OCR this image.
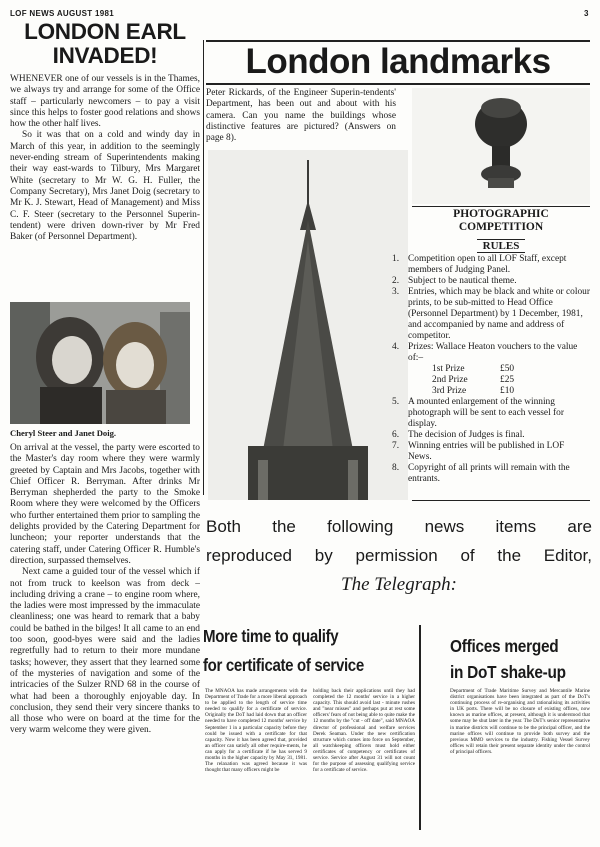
LOF NEWS AUGUST 1981	3
LONDON EARL
INVADED!

WHENEVER one of our vessels is in the Thames, we always try and arrange for some of the Office staff – particularly newcomers – to pay a visit since this helps to foster good relations and shows how the other half lives.

So it was that on a cold and windy day in March of this year, in addition to the seemingly never-ending stream of Superintendents making their way east-wards to Tilbury, Mrs Margaret White (secretary to Mr W. G. H. Fuller, the Company Secretary), Mrs Janet Doig (secretary to Mr K. J. Stewart, Head of Management) and Miss C. F. Steer (secretary to the Personnel Superin-tendent) were driven down-river by Mr Fred Baker (of Personnel Department).

Cheryl Steer and Janet Doig.

On arrival at the vessel, the party were escorted to the Master's day room where they were warmly greeted by Captain and Mrs Jacobs, together with Chief Officer R. Berryman. After drinks Mr Berryman shepherded the party to the Smoke Room where they were welcomed by the Officers who further entertained them prior to sampling the delights provided by the Catering Department for luncheon; your reporter understands that the catering staff, under Catering Officer R. Humble's direction, surpassed themselves.

Next came a guided tour of the vessel which if not from truck to keelson was from deck – including driving a crane – to engine room where, the ladies were most impressed by the immaculate cleanliness; one was heard to remark that a baby could be bathed in the bilges! It all came to an end too soon, good-byes were said and the ladies regretfully had to return to their more mundane tasks; however, they assert that they learned some of the mysteries of navigation and some of the intricacies of the Sulzer RND 68 in the course of what had been a thoroughly enjoyable day. In conclusion, they send their very sincere thanks to all those who were on board at the time for the very warm welcome they were given.

London landmarks
Peter Rickards, of the Engineer Superin-tendents' Department, has been out and about with his camera. Can you name the buildings whose distinctive features are pictured? (Answers on page 8).
PHOTOGRAPHIC
COMPETITION
RULES
1. Competition open to all LOF Staff, except members of Judging Panel.
2. Subject to be nautical theme.
3. Entries, which may be black and white or colour prints, to be sub-mitted to Head Office (Personnel Department) by 1 December, 1981, and accompanied by name and address of competitor.
4. Prizes: Wallace Heaton vouchers to the value of:–
1st Prize	£50
2nd Prize	£25
3rd Prize	£10
5. A mounted enlargement of the winning photograph will be sent to each vessel for display.
6. The decision of Judges is final.
7. Winning entries will be published in LOF News.
8. Copyright of all prints will remain with the entrants.
Both the following news items are
reproduced by permission of the Editor,
The Telegraph:
More time to qualify
for certificate of service
The MNAOA has made arrangements with the Department of Trade for a more liberal approach to be applied to the length of service time needed to qualify for a certificate of service. Originally the DoT had laid down that an officer needed to have completed 12 months' service by September 1 in a particular capacity before they could be issued with a certificate for that capacity. Now it has been agreed that, provided an officer can satisfy all other require-ments, he can apply for a certificate if he has served 9 months in the higher capacity by May 31, 1981. The relaxation was agreed because it was thought that many officers might be
holding back their applications until they had completed the 12 months' service in a higher capacity. This should avoid last - minute rushes and "near misses" and perhaps put at rest some officers' fears of not being able to quite make the 12 months by the "cut - off date", said MNAOA director of professional and welfare services Derek Seaman. Under the new certification structure which comes into force on September, all watchkeeping officers must hold either certificates of competency or certificates of service. Service after August 31 will not count for the purpose of assessing qualifying service for a certificate of service.
Offices merged
in DoT shake-up
Department of Trade Maritime Survey and Mercantile Marine district organisations have been integrated as part of the DoT's continuing process of re-organising and rationalising its activities in UK ports. There will be no closure of existing offices, now known as marine offices, at present, although it is understood that some may be shut later in the year. The DoT's senior representative in marine districts will continue to be the principal officer, and the marine offices will continue to provide both survey and the previous MMO services to the industry. Fishing Vessel Survey offices will retain their present separate identity under the control of principal officers.
